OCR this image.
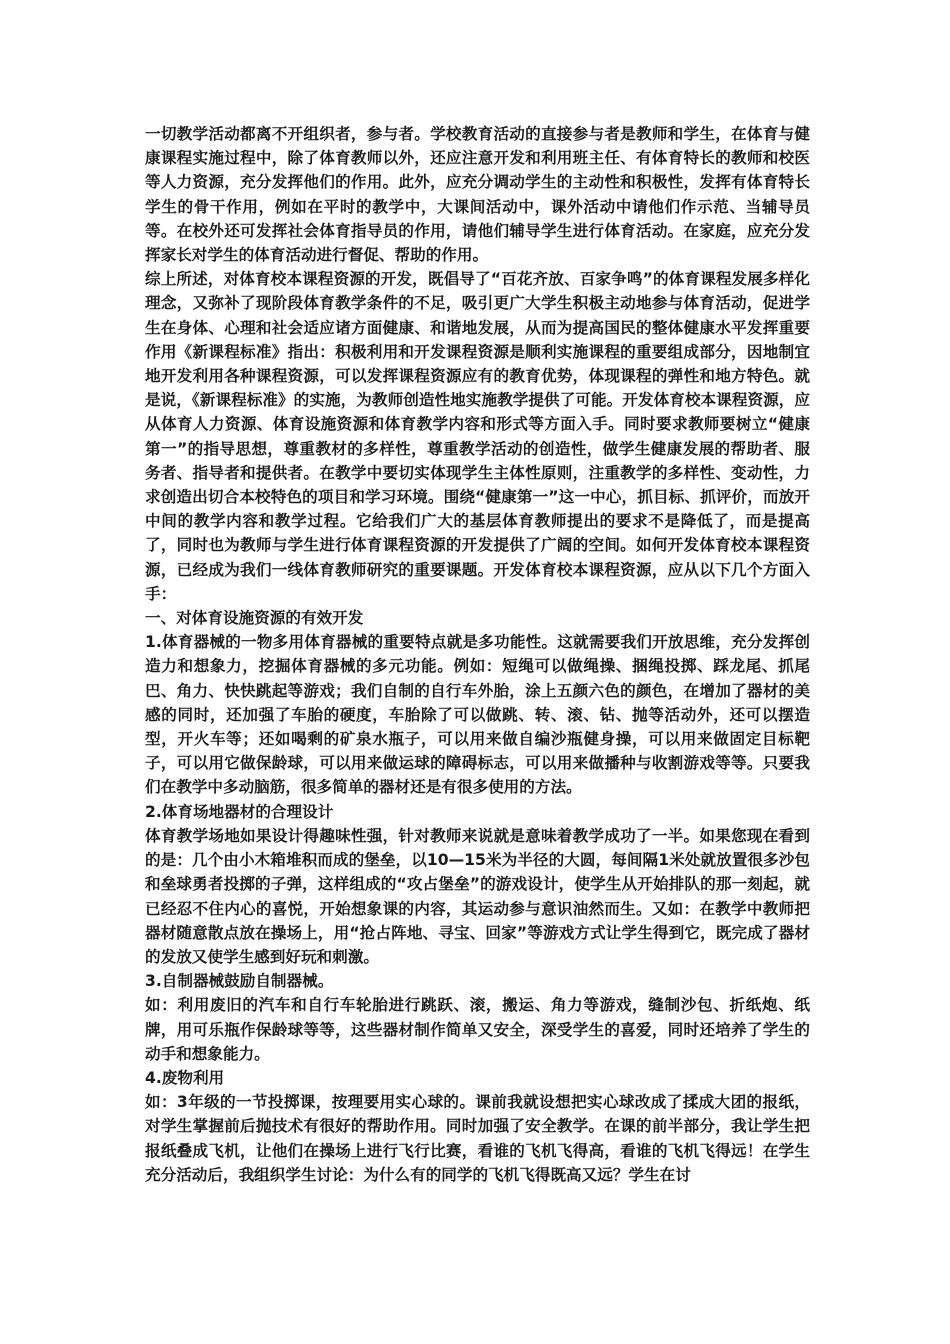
一切教学活动都离不开组织者，参与者。学校教育活动的直接参与者是教师和学生，在体育与健康课程实施过程中，除了体育教师以外，还应注意开发和利用班主任、有体育特长的教师和校医等人力资源，充分发挥他们的作用。此外，应充分调动学生的主动性和积极性，发挥有体育特长学生的骨干作用，例如在平时的教学中，大课间活动中，课外活动中请他们作示范、当辅导员等。在校外还可发挥社会体育指导员的作用，请他们辅导学生进行体育活动。在家庭，应充分发挥家长对学生的体育活动进行督促、帮助的作用。

综上所述，对体育校本课程资源的开发，既倡导了“百花齐放、百家争鸣”的体育课程发展多样化理念，又弥补了现阶段体育教学条件的不足，吸引更广大学生积极主动地参与体育活动，促进学生在身体、心理和社会适应诸方面健康、和谐地发展，从而为提高国民的整体健康水平发挥重要作用《新课程标准》指出：积极利用和开发课程资源是顺利实施课程的重要组成部分，因地制宜地开发利用各种课程资源，可以发挥课程资源应有的教育优势，体现课程的弹性和地方特色。就是说，《新课程标准》的实施，为教师创造性地实施教学提供了可能。开发体育校本课程资源，应从体育人力资源、体育设施资源和体育教学内容和形式等方面入手。同时要求教师要树立“健康第一”的指导思想，尊重教材的多样性，尊重教学活动的创造性，做学生健康发展的帮助者、服务者、指导者和提供者。在教学中要切实体现学生主体性原则，注重教学的多样性、变动性，力求创造出切合本校特色的项目和学习环境。围绕“健康第一”这一中心，抓目标、抓评价，而放开中间的教学内容和教学过程。它给我们广大的基层体育教师提出的要求不是降低了，而是提高了，同时也为教师与学生进行体育课程资源的开发提供了广阔的空间。如何开发体育校本课程资源，已经成为我们一线体育教师研究的重要课题。开发体育校本课程资源，应从以下几个方面入手：

一、对体育设施资源的有效开发

1.体育器械的一物多用体育器械的重要特点就是多功能性。这就需要我们开放思维，充分发挥创造力和想象力，挖掘体育器械的多元功能。例如：短绳可以做绳操、捆绳投掷、踩龙尾、抓尾巴、角力、快快跳起等游戏；我们自制的自行车外胎，涂上五颜六色的颜色，在增加了器材的美感的同时，还加强了车胎的硬度，车胎除了可以做跳、转、滚、钻、抛等活动外，还可以摆造型，开火车等；还如喝剩的矿泉水瓶子，可以用来做自编沙瓶健身操，可以用来做固定目标靶子，可以用它做保龄球，可以用来做运球的障碍标志，可以用来做播种与收割游戏等等。只要我们在教学中多动脑筋，很多简单的器材还是有很多使用的方法。

2.体育场地器材的合理设计

体育教学场地如果设计得趣味性强，针对教师来说就是意味着教学成功了一半。如果您现在看到的是：几个由小木箱堆积而成的堡垒，以10—15米为半径的大圆，每间隔1米处就放置很多沙包和垒球勇者投掷的子弹，这样组成的“攻占堡垒”的游戏设计，使学生从开始排队的那一刻起，就已经忍不住内心的喜悦，开始想象课的内容，其运动参与意识油然而生。又如：在教学中教师把器材随意散点放在操场上，用“抢占阵地、寻宝、回家”等游戏方式让学生得到它，既完成了器材的发放又使学生感到好玩和刺激。

3.自制器械鼓励自制器械。

如：利用废旧的汽车和自行车轮胎进行跳跃、滚，搬运、角力等游戏，缝制沙包、折纸炮、纸牌，用可乐瓶作保龄球等等，这些器材制作简单又安全，深受学生的喜爱，同时还培养了学生的动手和想象能力。

4.废物利用

如：3年级的一节投掷课，按理要用实心球的。课前我就设想把实心球改成了揉成大团的报纸，对学生掌握前后抛技术有很好的帮助作用。同时加强了安全教学。在课的前半部分，我让学生把报纸叠成飞机，让他们在操场上进行飞行比赛，看谁的飞机飞得高，看谁的飞机飞得远！在学生充分活动后，我组织学生讨论：为什么有的同学的飞机飞得既高又远？学生在讨
